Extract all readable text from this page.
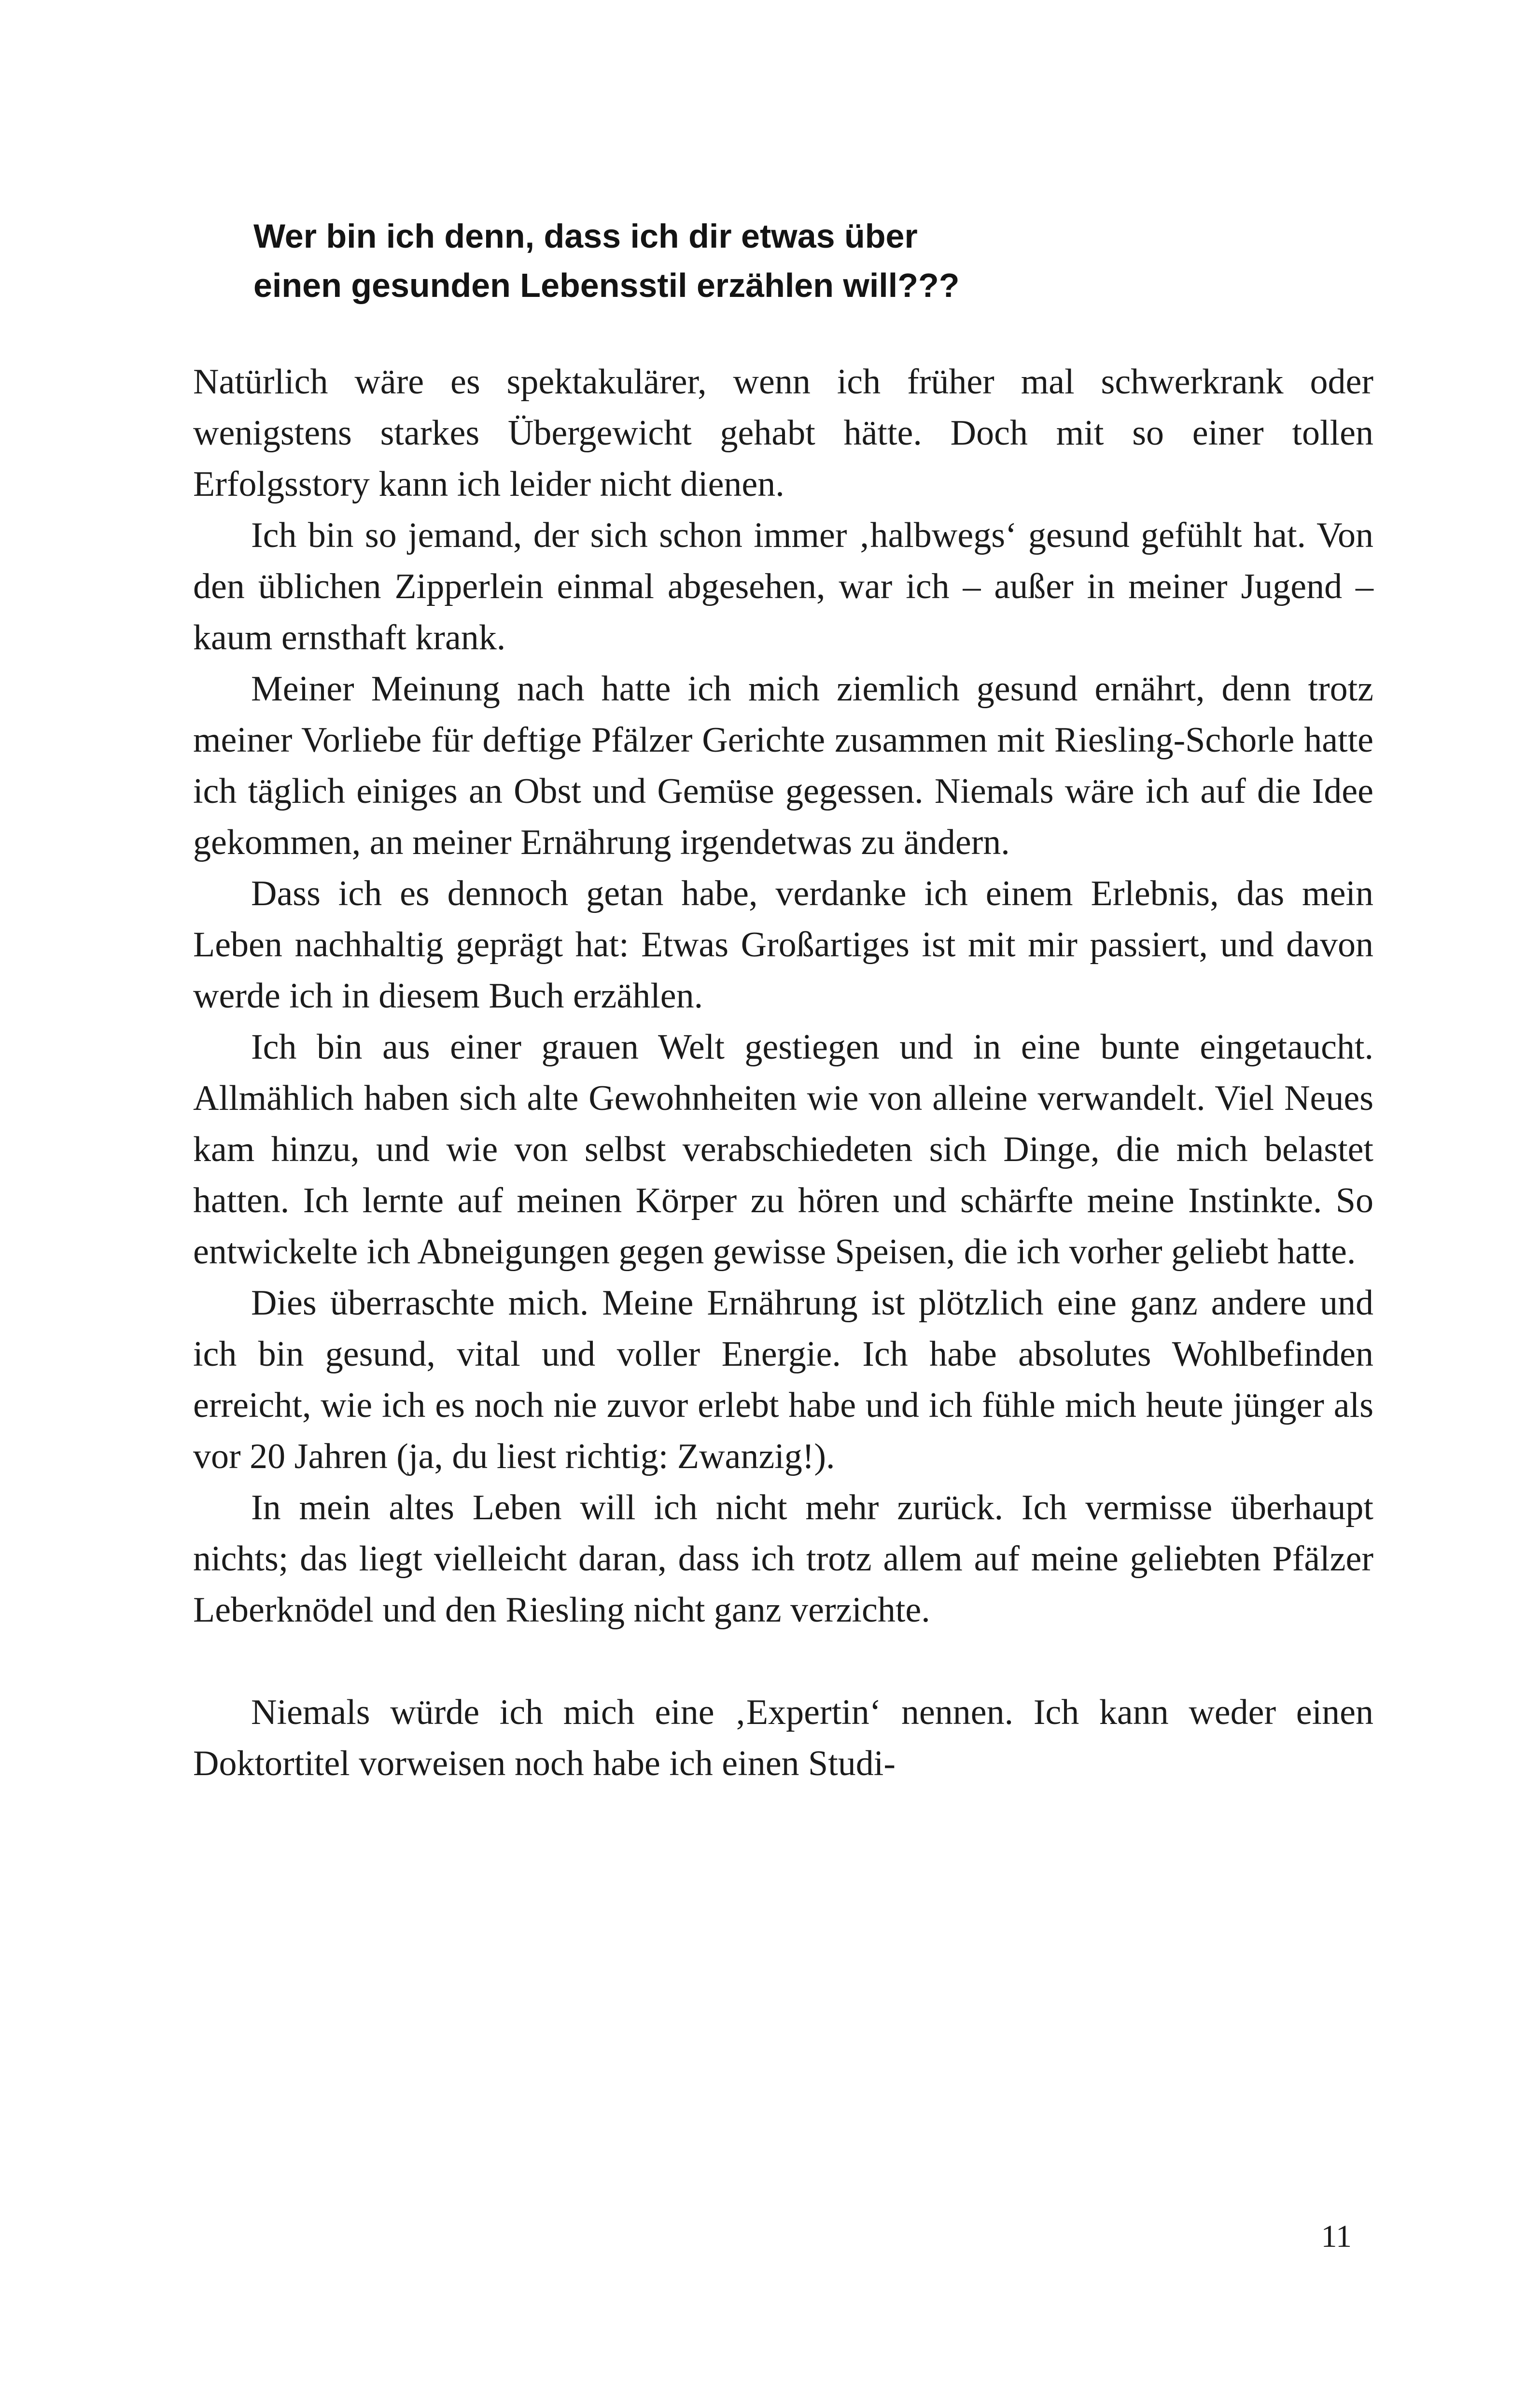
Wer bin ich denn, dass ich dir etwas über
einen gesunden Lebensstil erzählen will???

Natürlich wäre es spektakulärer, wenn ich früher mal schwerkrank oder wenigstens starkes Übergewicht gehabt hätte. Doch mit so einer tollen Erfolgsstory kann ich leider nicht dienen.

Ich bin so jemand, der sich schon immer ‚halbwegs‘ gesund gefühlt hat. Von den üblichen Zipperlein einmal abgesehen, war ich – außer in meiner Jugend – kaum ernsthaft krank.

Meiner Meinung nach hatte ich mich ziemlich gesund ernährt, denn trotz meiner Vorliebe für deftige Pfälzer Gerichte zusammen mit Riesling-Schorle hatte ich täglich einiges an Obst und Gemüse gegessen. Niemals wäre ich auf die Idee gekommen, an meiner Ernährung irgendetwas zu ändern.

Dass ich es dennoch getan habe, verdanke ich einem Erlebnis, das mein Leben nachhaltig geprägt hat: Etwas Großartiges ist mit mir passiert, und davon werde ich in diesem Buch erzählen.

Ich bin aus einer grauen Welt gestiegen und in eine bunte eingetaucht. Allmählich haben sich alte Gewohnheiten wie von alleine verwandelt. Viel Neues kam hinzu, und wie von selbst verabschiedeten sich Dinge, die mich belastet hatten. Ich lernte auf meinen Körper zu hören und schärfte meine Instinkte. So entwickelte ich Abneigungen gegen gewisse Speisen, die ich vorher geliebt hatte.

Dies überraschte mich. Meine Ernährung ist plötzlich eine ganz andere und ich bin gesund, vital und voller Energie. Ich habe absolutes Wohlbefinden erreicht, wie ich es noch nie zuvor erlebt habe und ich fühle mich heute jünger als vor 20 Jahren (ja, du liest richtig: Zwanzig!).

In mein altes Leben will ich nicht mehr zurück. Ich vermisse überhaupt nichts; das liegt vielleicht daran, dass ich trotz allem auf meine geliebten Pfälzer Leberknödel und den Riesling nicht ganz verzichte.

Niemals würde ich mich eine ‚Expertin‘ nennen. Ich kann weder einen Doktortitel vorweisen noch habe ich einen Studi-

11
